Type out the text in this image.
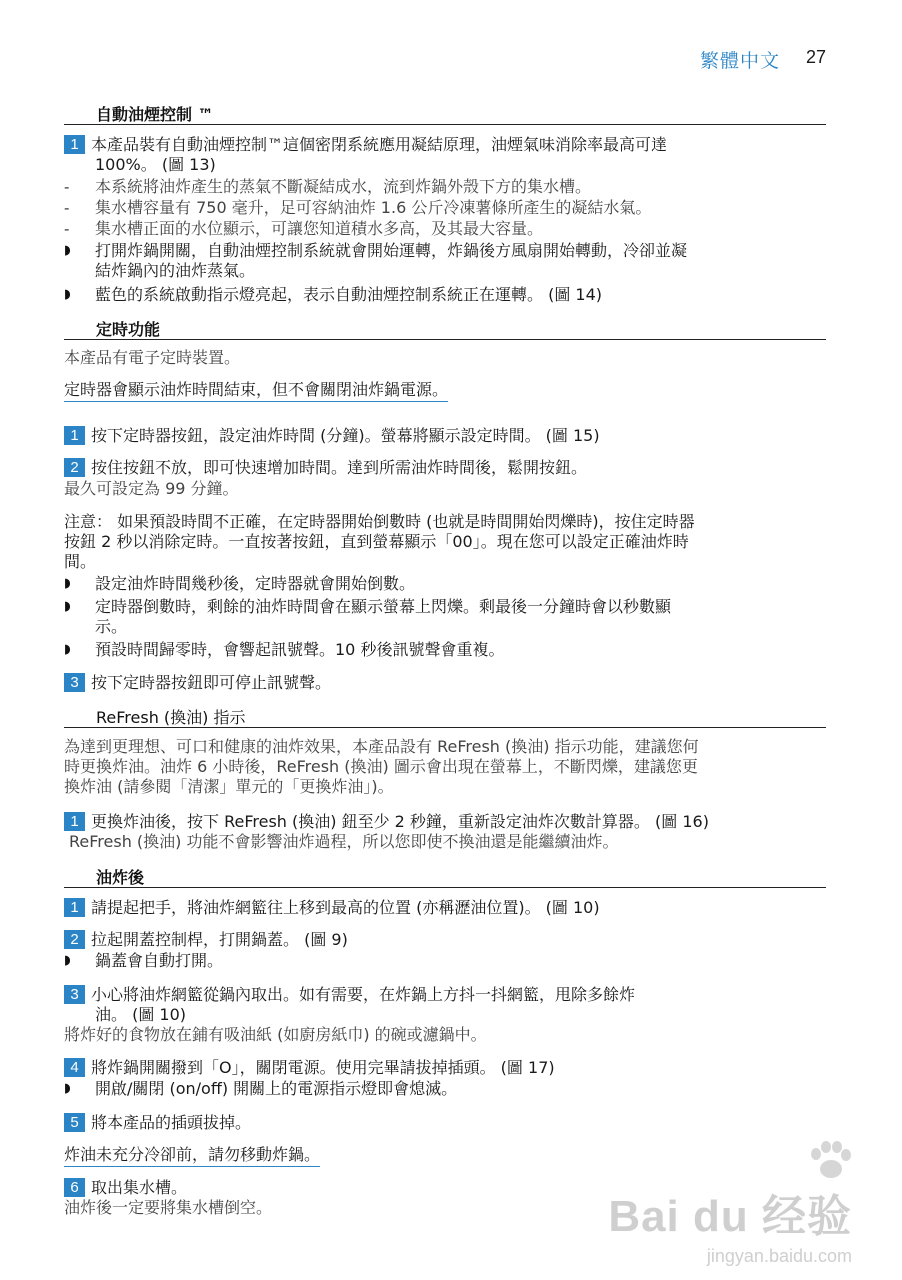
繁體中文 27
自動油煙控制 ™
1 本產品裝有自動油煙控制™這個密閉系統應用凝結原理，油煙氣味消除率最高可達
100%。 (圖 13)
- 本系統將油炸產生的蒸氣不斷凝結成水，流到炸鍋外殼下方的集水槽。
- 集水槽容量有 750 毫升，足可容納油炸 1.6 公斤冷凍薯條所產生的凝結水氣。
- 集水槽正面的水位顯示，可讓您知道積水多高，及其最大容量。
◗ 打開炸鍋開關，自動油煙控制系統就會開始運轉，炸鍋後方風扇開始轉動，冷卻並凝
結炸鍋內的油炸蒸氣。
◗ 藍色的系統啟動指示燈亮起，表示自動油煙控制系統正在運轉。 (圖 14)
定時功能
本產品有電子定時裝置。
定時器會顯示油炸時間結束，但不會關閉油炸鍋電源。
1 按下定時器按鈕，設定油炸時間 (分鐘)。螢幕將顯示設定時間。 (圖 15)
2 按住按鈕不放，即可快速增加時間。達到所需油炸時間後，鬆開按鈕。
最久可設定為 99 分鐘。
注意： 如果預設時間不正確，在定時器開始倒數時 (也就是時間開始閃爍時)，按住定時器
按鈕 2 秒以消除定時。一直按著按鈕，直到螢幕顯示「00」。現在您可以設定正確油炸時
間。
◗ 設定油炸時間幾秒後，定時器就會開始倒數。
◗ 定時器倒數時，剩餘的油炸時間會在顯示螢幕上閃爍。剩最後一分鐘時會以秒數顯
示。
◗ 預設時間歸零時，會響起訊號聲。10 秒後訊號聲會重複。
3 按下定時器按鈕即可停止訊號聲。
ReFresh (換油) 指示
為達到更理想、可口和健康的油炸效果，本產品設有 ReFresh (換油) 指示功能，建議您何
時更換炸油。油炸 6 小時後，ReFresh (換油) 圖示會出現在螢幕上，不斷閃爍，建議您更
換炸油 (請參閱「清潔」單元的「更換炸油」)。
1 更換炸油後，按下 ReFresh (換油) 鈕至少 2 秒鐘，重新設定油炸次數計算器。 (圖 16)
ReFresh (換油) 功能不會影響油炸過程，所以您即使不換油還是能繼續油炸。
油炸後
1 請提起把手，將油炸網籃往上移到最高的位置 (亦稱瀝油位置)。 (圖 10)
2 拉起開蓋控制桿，打開鍋蓋。 (圖 9)
◗ 鍋蓋會自動打開。
3 小心將油炸網籃從鍋內取出。如有需要，在炸鍋上方抖一抖網籃，甩除多餘炸
油。 (圖 10)
將炸好的食物放在鋪有吸油紙 (如廚房紙巾) 的碗或濾鍋中。
4 將炸鍋開關撥到「O」，關閉電源。使用完畢請拔掉插頭。 (圖 17)
◗ 開啟/關閉 (on/off) 開關上的電源指示燈即會熄滅。
5 將本產品的插頭拔掉。
炸油未充分冷卻前，請勿移動炸鍋。
6 取出集水槽。
油炸後一定要將集水槽倒空。	Bai du 经验
jingyan.baidu.com
